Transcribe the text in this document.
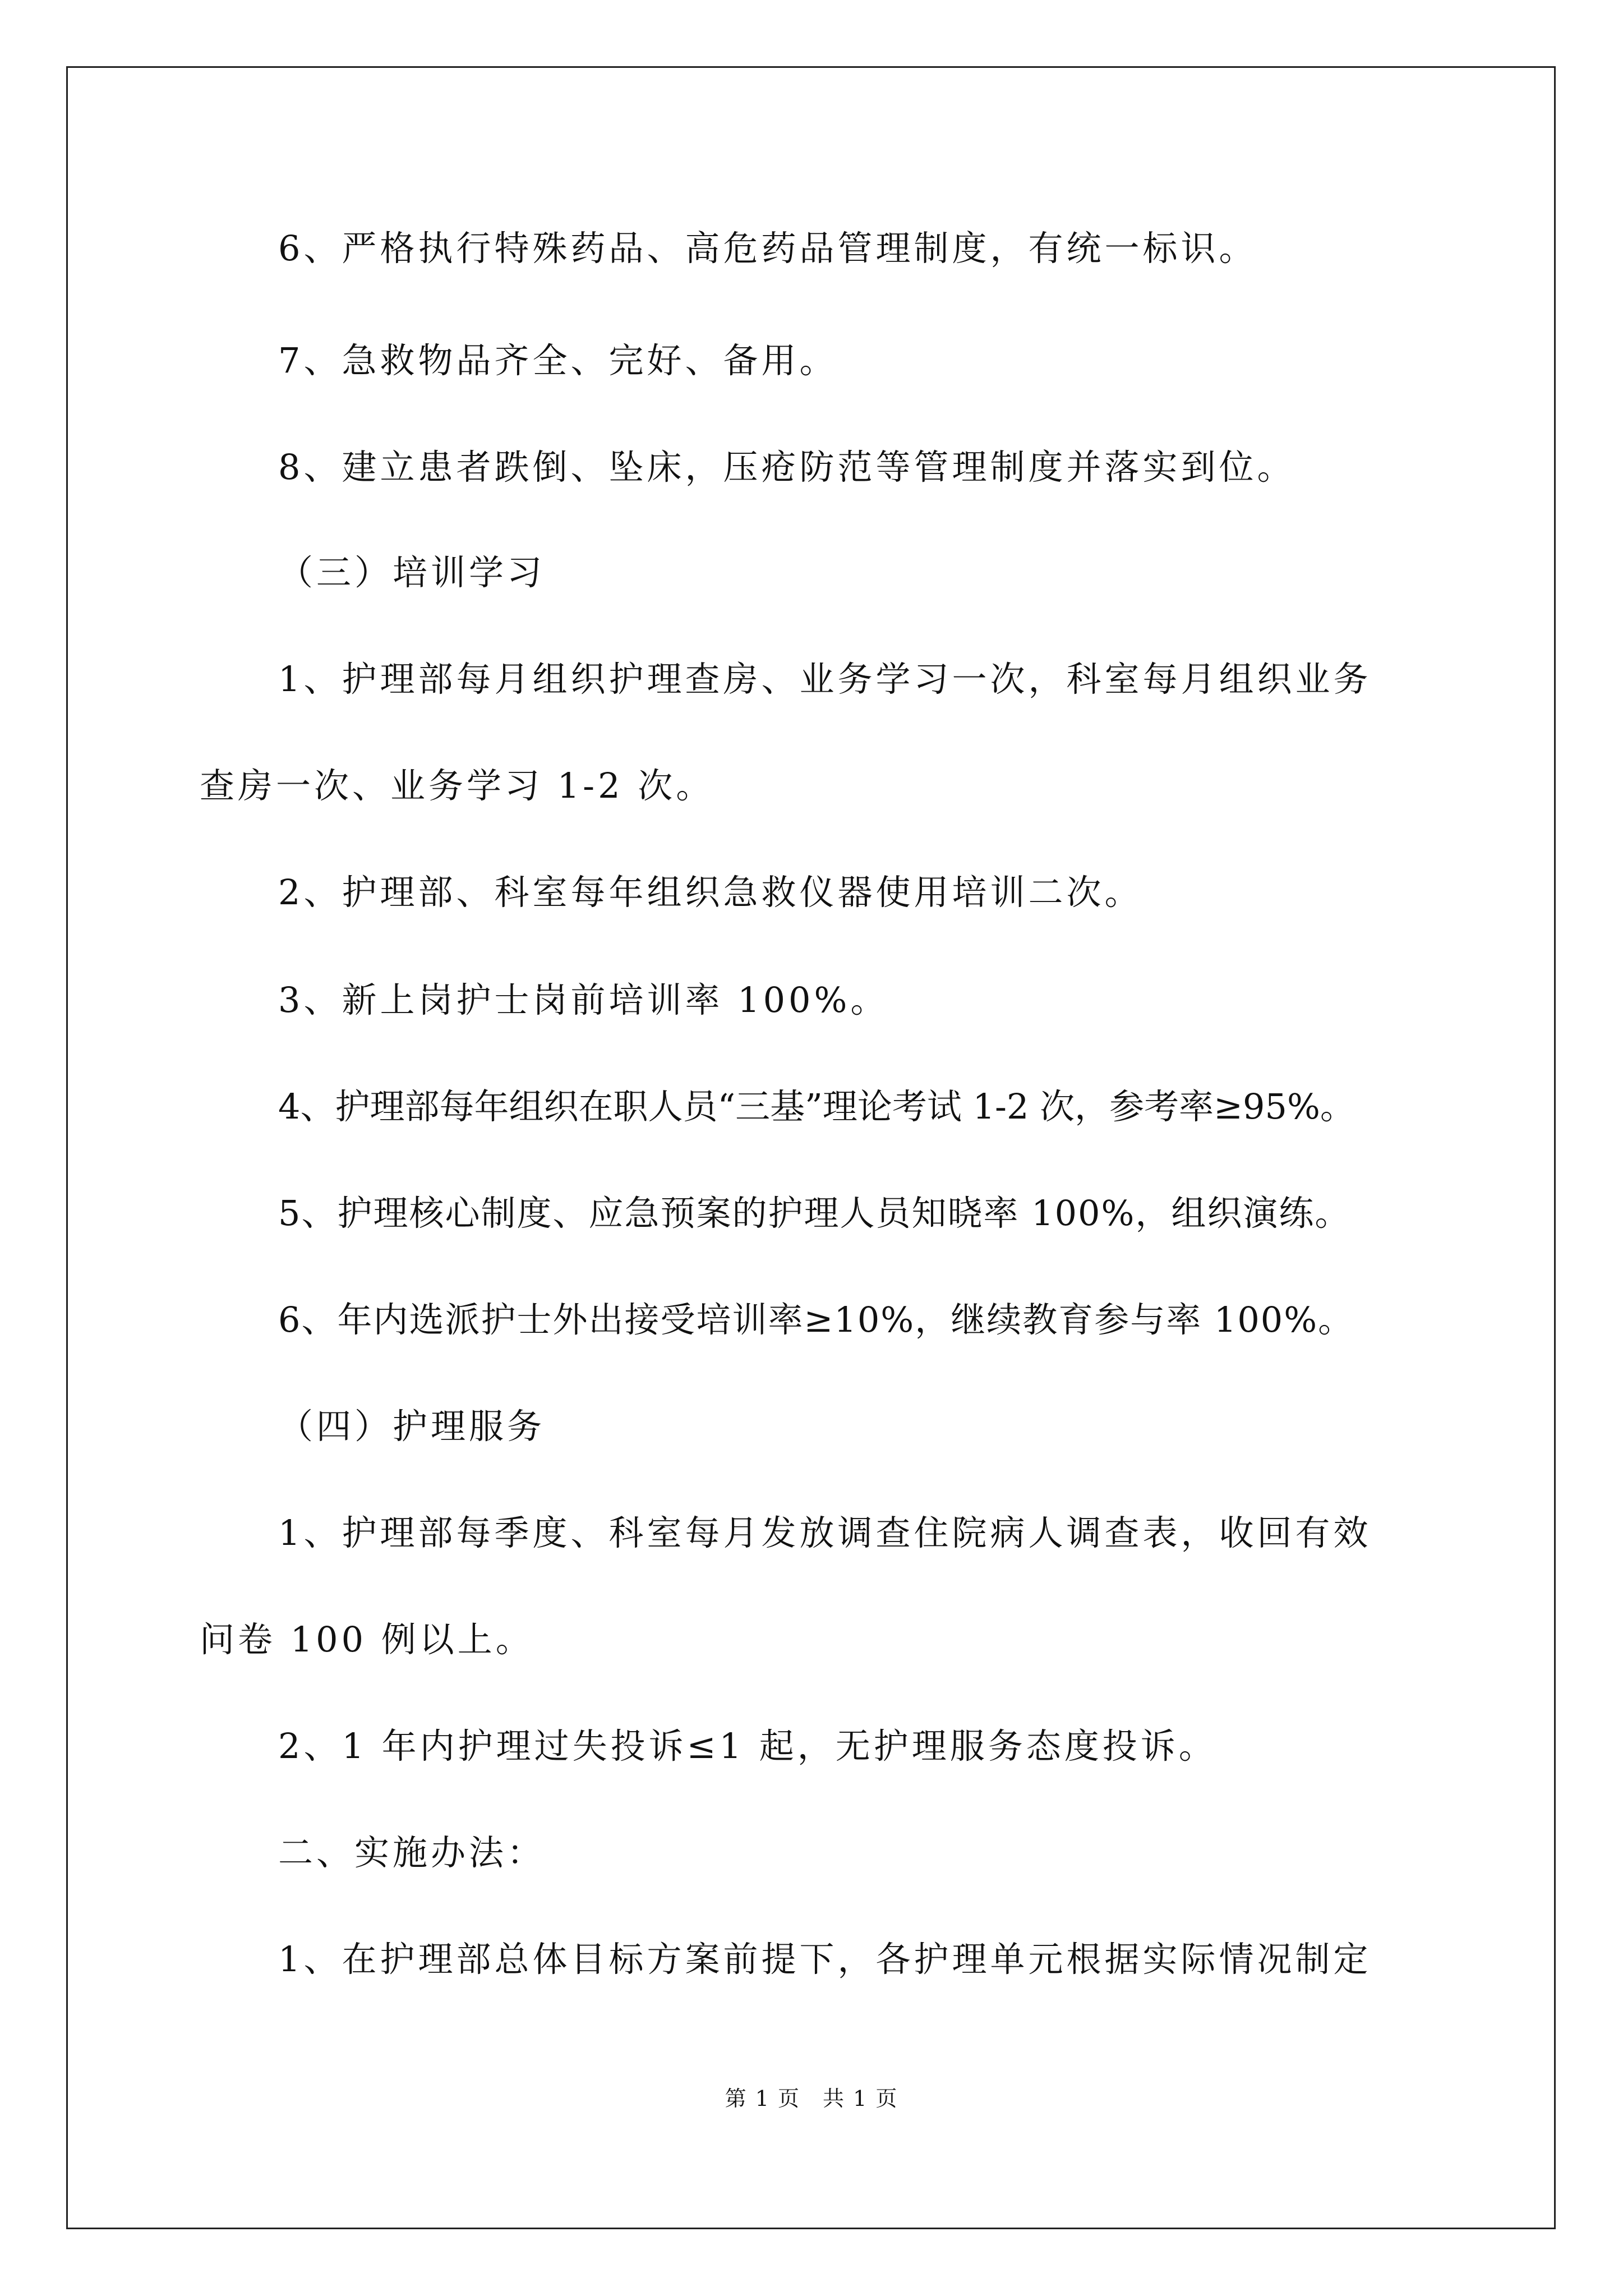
6、严格执行特殊药品、高危药品管理制度，有统一标识。
7、急救物品齐全、完好、备用。
8、建立患者跌倒、坠床，压疮防范等管理制度并落实到位。
（三）培训学习
1、护理部每月组织护理查房、业务学习一次，科室每月组织业务
查房一次、业务学习 1-2 次。
2、护理部、科室每年组织急救仪器使用培训二次。
3、新上岗护士岗前培训率 100%。
4、护理部每年组织在职人员“三基”理论考试 1-2 次，参考率≥95%。
5、护理核心制度、应急预案的护理人员知晓率 100%，组织演练。
6、年内选派护士外出接受培训率≥10%，继续教育参与率 100%。
（四）护理服务
1、护理部每季度、科室每月发放调查住院病人调查表，收回有效
问卷 100 例以上。
2、1 年内护理过失投诉≤1 起，无护理服务态度投诉。
二、实施办法：
1、在护理部总体目标方案前提下，各护理单元根据实际情况制定
第 1 页　共 1 页
